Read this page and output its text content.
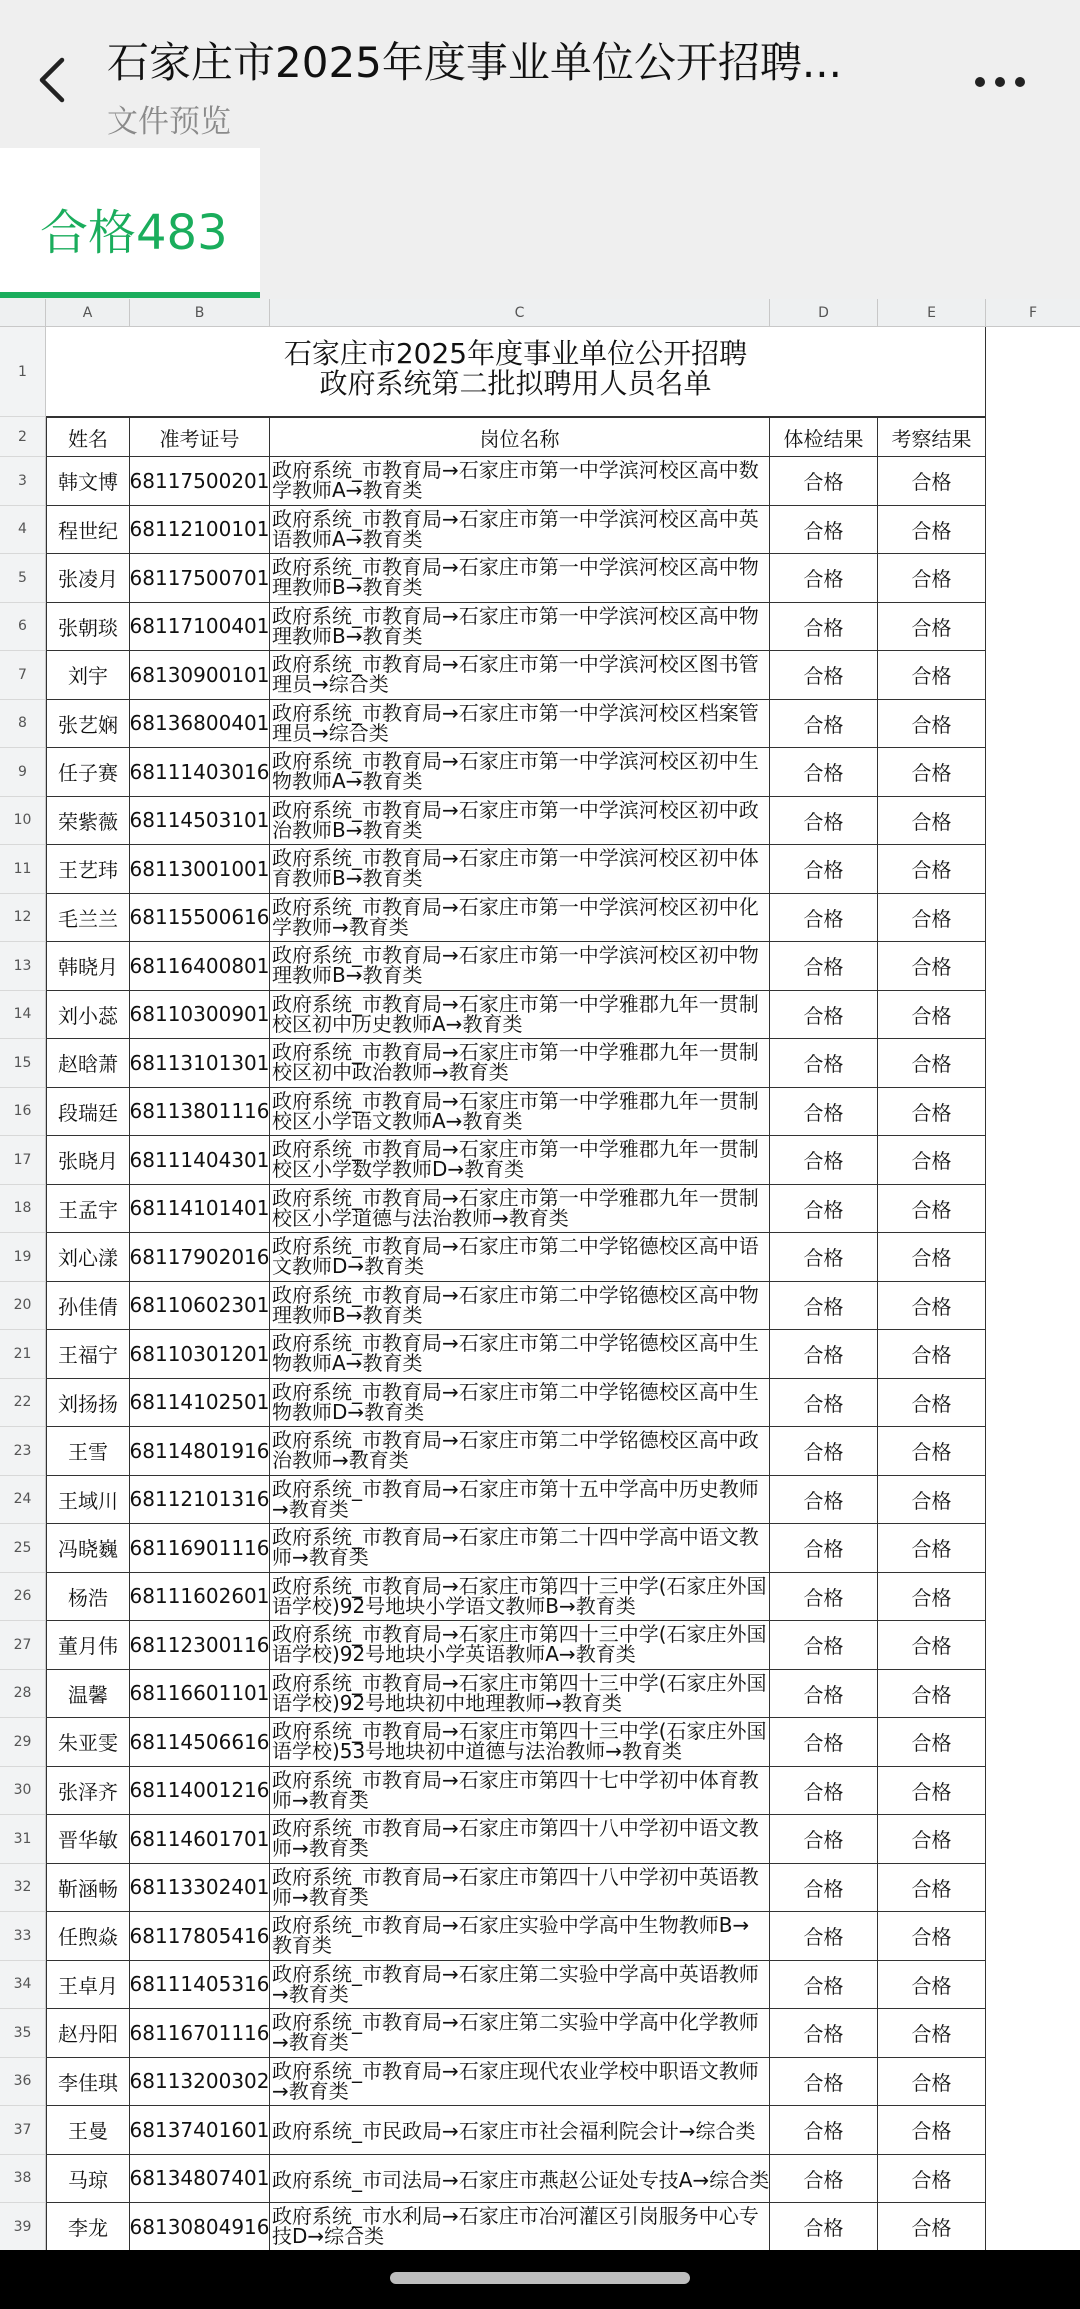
石家庄市2025年度事业单位公开招聘...
文件预览
合格483
A	B	C	D	E	F
1
石家庄市2025年度事业单位公开招聘
政府系统第二批拟聘用人员名单
2	姓名	准考证号	岗位名称	体检结果	考察结果
3	韩文博 68117500201 政府系统_市教育局→石家庄市第一中学滨河校区高中数学教师A→教育类	合格	合格
4	程世纪 68112100101 政府系统_市教育局→石家庄市第一中学滨河校区高中英语教师A→教育类	合格	合格
5	张凌月 68117500701 政府系统_市教育局→石家庄市第一中学滨河校区高中物理教师B→教育类	合格	合格
6	张朝琰 68117100401 政府系统_市教育局→石家庄市第一中学滨河校区高中物理教师B→教育类	合格	合格
7	刘宇	68130900101 政府系统_市教育局→石家庄市第一中学滨河校区图书管理员→综合类	合格	合格
8	张艺娴 68136800401 政府系统_市教育局→石家庄市第一中学滨河校区档案管理员→综合类	合格	合格
9	任子赛 68111403016 政府系统_市教育局→石家庄市第一中学滨河校区初中生物教师A→教育类	合格	合格
10	荣紫薇 68114503101 政府系统_市教育局→石家庄市第一中学滨河校区初中政治教师B→教育类	合格	合格
11	王艺玮 68113001001 政府系统_市教育局→石家庄市第一中学滨河校区初中体育教师B→教育类	合格	合格
12	毛兰兰 68115500616 政府系统_市教育局→石家庄市第一中学滨河校区初中化学教师→教育类	合格	合格
13	韩晓月 68116400801 政府系统_市教育局→石家庄市第一中学滨河校区初中物理教师B→教育类	合格	合格
14	刘小蕊 68110300901 政府系统_市教育局→石家庄市第一中学雅郡九年一贯制校区初中历史教师A→教育类	合格	合格
15	赵晗萧 68113101301 政府系统_市教育局→石家庄市第一中学雅郡九年一贯制校区初中政治教师→教育类	合格	合格
16	段瑞廷 68113801116 政府系统_市教育局→石家庄市第一中学雅郡九年一贯制校区小学语文教师A→教育类	合格	合格
17	张晓月 68111404301 政府系统_市教育局→石家庄市第一中学雅郡九年一贯制校区小学数学教师D→教育类	合格	合格
18	王孟宇 68114101401 政府系统_市教育局→石家庄市第一中学雅郡九年一贯制校区小学道德与法治教师→教育类	合格	合格
19	刘心漾 68117902016 政府系统_市教育局→石家庄市第二中学铭德校区高中语文教师D→教育类	合格	合格
20	孙佳倩 68110602301 政府系统_市教育局→石家庄市第二中学铭德校区高中物理教师B→教育类	合格	合格
21	王福宁 68110301201 政府系统_市教育局→石家庄市第二中学铭德校区高中生物教师A→教育类	合格	合格
22	刘扬扬 68114102501 政府系统_市教育局→石家庄市第二中学铭德校区高中生物教师D→教育类	合格	合格
23	王雪	68114801916 政府系统_市教育局→石家庄市第二中学铭德校区高中政治教师→教育类	合格	合格
24	王域川 68112101316 政府系统_市教育局→石家庄市第十五中学高中历史教师→教育类	合格	合格
25	冯晓巍 68116901116 政府系统_市教育局→石家庄市第二十四中学高中语文教师→教育类	合格	合格
26	杨浩	68111602601 政府系统_市教育局→石家庄市第四十三中学(石家庄外国语学校)92号地块小学语文教师B→教育类	合格	合格
27	董月伟 68112300116 政府系统_市教育局→石家庄市第四十三中学(石家庄外国语学校)92号地块小学英语教师A→教育类	合格	合格
28	温馨	68116601101 政府系统_市教育局→石家庄市第四十三中学(石家庄外国语学校)92号地块初中地理教师→教育类	合格	合格
29	朱亚雯 68114506616 政府系统_市教育局→石家庄市第四十三中学(石家庄外国语学校)53号地块初中道德与法治教师→教育类	合格	合格
30	张泽齐 68114001216 政府系统_市教育局→石家庄市第四十七中学初中体育教师→教育类	合格	合格
31	晋华敏 68114601701 政府系统_市教育局→石家庄市第四十八中学初中语文教师→教育类	合格	合格
32	靳涵畅 68113302401 政府系统_市教育局→石家庄市第四十八中学初中英语教师→教育类	合格	合格
33	任煦焱 68117805416 政府系统_市教育局→石家庄实验中学高中生物教师B→教育类	合格	合格
34	王卓月 68111405316 政府系统_市教育局→石家庄第二实验中学高中英语教师→教育类	合格	合格
35	赵丹阳 68116701116 政府系统_市教育局→石家庄第二实验中学高中化学教师→教育类	合格	合格
36	李佳琪 68113200302 政府系统_市教育局→石家庄现代农业学校中职语文教师→教育类	合格	合格
37	王曼	68137401601 政府系统_市民政局→石家庄市社会福利院会计→综合类	合格	合格
38	马琼	68134807401 政府系统_市司法局→石家庄市燕赵公证处专技A→综合类	合格	合格
39	李龙	68130804916 政府系统_市水利局→石家庄市冶河灌区引岗服务中心专技D→综合类	合格	合格
